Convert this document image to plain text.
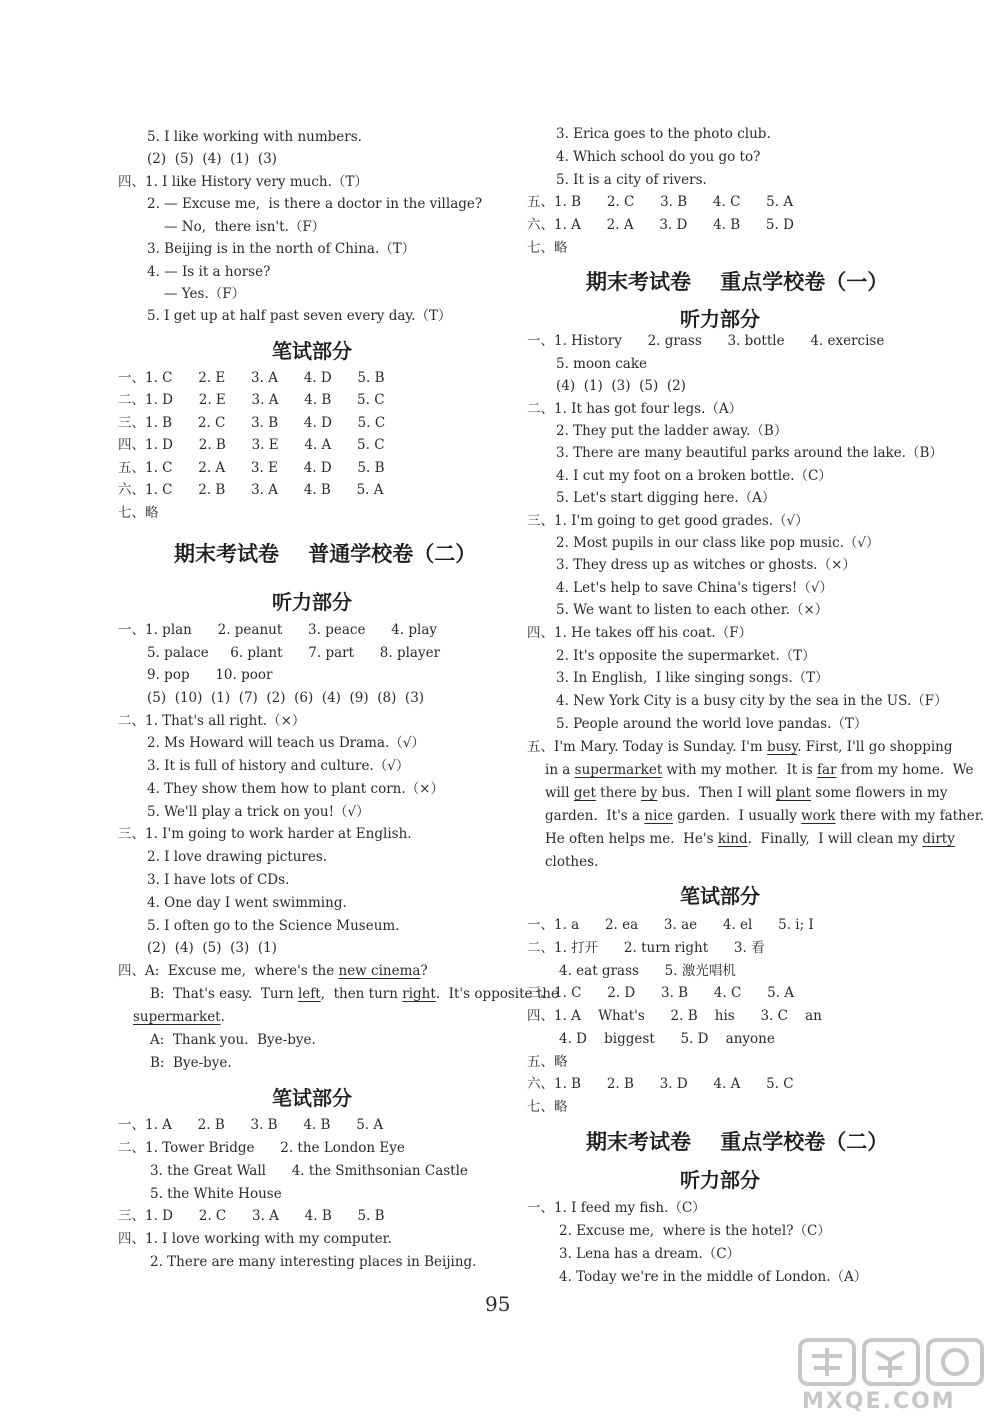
5. I like working with numbers.
(2)  (5)  (4)  (1)  (3)
四、1. I like History very much.（T）
2. — Excuse me,  is there a doctor in the village?
— No,  there isn't.（F）
3. Beijing is in the north of China.（T）
4. — Is it a horse?
— Yes.（F）
5. I get up at half past seven every day.（T）
笔试部分
一、1. C      2. E      3. A      4. D      5. B
二、1. D      2. E      3. A      4. B      5. C
三、1. B      2. C      3. B      4. D      5. C
四、1. D      2. B      3. E      4. A      5. C
五、1. C      2. A      3. E      4. D      5. B
六、1. C      2. B      3. A      4. B      5. A
七、略
期末考试卷    普通学校卷（二）
听力部分
一、1. plan      2. peanut      3. peace      4. play
5. palace     6. plant      7. part      8. player
9. pop      10. poor
(5)  (10)  (1)  (7)  (2)  (6)  (4)  (9)  (8)  (3)
二、1. That's all right.（×）
2. Ms Howard will teach us Drama.（√）
3. It is full of history and culture.（√）
4. They show them how to plant corn.（×）
5. We'll play a trick on you!（√）
三、1. I'm going to work harder at English.
2. I love drawing pictures.
3. I have lots of CDs.
4. One day I went swimming.
5. I often go to the Science Museum.
(2)  (4)  (5)  (3)  (1)
四、A:  Excuse me,  where's the new cinema?
B:  That's easy.  Turn left,  then turn right.  It's opposite the
supermarket.
A:  Thank you.  Bye-bye.
B:  Bye-bye.
笔试部分
一、1. A      2. B      3. B      4. B      5. A
二、1. Tower Bridge      2. the London Eye
3. the Great Wall      4. the Smithsonian Castle
5. the White House
三、1. D      2. C      3. A      4. B      5. B
四、1. I love working with my computer.
2. There are many interesting places in Beijing.
3. Erica goes to the photo club.
4. Which school do you go to?
5. It is a city of rivers.
五、1. B      2. C      3. B      4. C      5. A
六、1. A      2. A      3. D      4. B      5. D
七、略
期末考试卷    重点学校卷（一）
听力部分
一、1. History      2. grass      3. bottle      4. exercise
5. moon cake
(4)  (1)  (3)  (5)  (2)
二、1. It has got four legs.（A）
2. They put the ladder away.（B）
3. There are many beautiful parks around the lake.（B）
4. I cut my foot on a broken bottle.（C）
5. Let's start digging here.（A）
三、1. I'm going to get good grades.（√）
2. Most pupils in our class like pop music.（√）
3. They dress up as witches or ghosts.（×）
4. Let's help to save China's tigers!（√）
5. We want to listen to each other.（×）
四、1. He takes off his coat.（F）
2. It's opposite the supermarket.（T）
3. In English,  I like singing songs.（T）
4. New York City is a busy city by the sea in the US.（F）
5. People around the world love pandas.（T）
五、I'm Mary. Today is Sunday. I'm busy. First, I'll go shopping
in a supermarket with my mother.  It is far from my home.  We
will get there by bus.  Then I will plant some flowers in my
garden.  It's a nice garden.  I usually work there with my father.
He often helps me.  He's kind.  Finally,  I will clean my dirty
clothes.
笔试部分
一、1. a      2. ea      3. ae      4. el      5. i; I
二、1. 打开      2. turn right      3. 看
4. eat grass      5. 激光唱机
三、1. C      2. D      3. B      4. C      5. A
四、1. A    What's      2. B    his      3. C    an
4. D    biggest      5. D    anyone
五、略
六、1. B      2. B      3. D      4. A      5. C
七、略
期末考试卷    重点学校卷（二）
听力部分
一、1. I feed my fish.（C）
2. Excuse me,  where is the hotel?（C）
3. Lena has a dream.（C）
4. Today we're in the middle of London.（A）
95
MXQE.COM
